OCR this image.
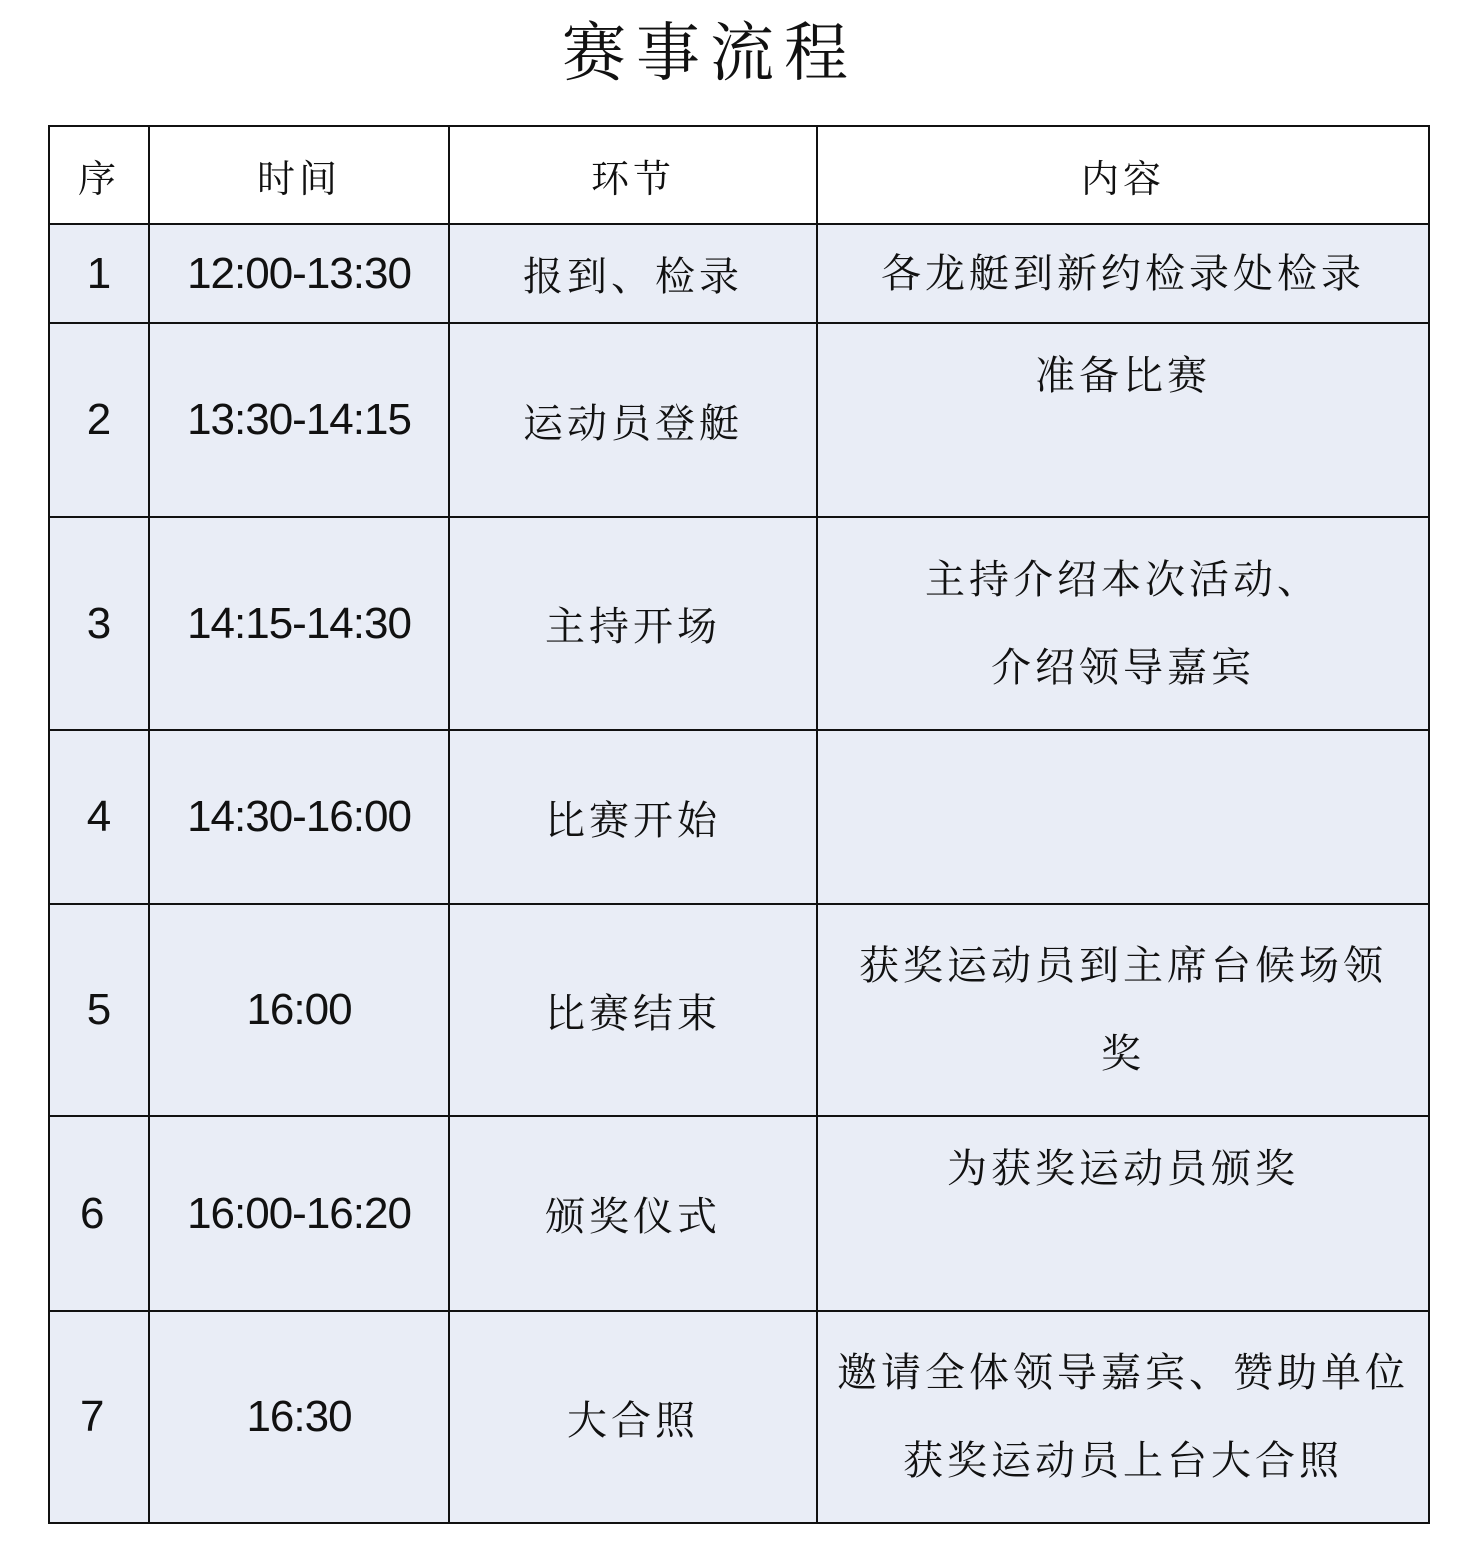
赛事流程
序	时间	环节	内容
1	12:00-13:30	报到、检录	各龙艇到新约检录处检录

2	13:30-14:15	运动员登艇	准备比赛

3	14:15-14:30	主持开场	主持介绍本次活动、
介绍领导嘉宾

4	14:30-16:00	比赛开始	
5	16:00	比赛结束	获奖运动员到主席台候场领
奖

6	16:00-16:20	颁奖仪式	为获奖运动员颁奖

7	16:30	大合照	邀请全体领导嘉宾、赞助单位
获奖运动员上台大合照
